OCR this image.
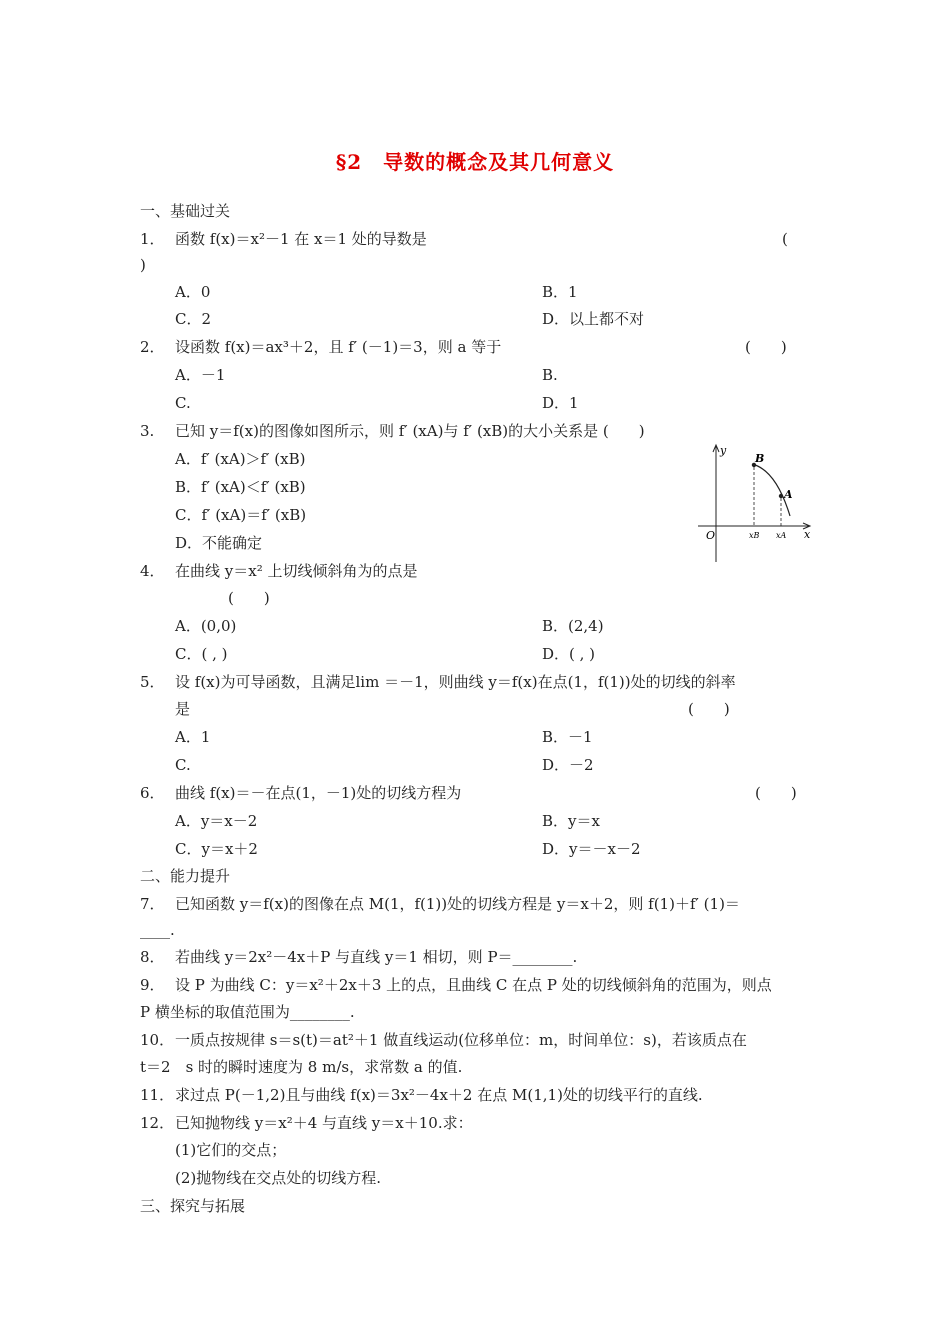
§2　导数的概念及其几何意义
一、基础过关
1． 函数 f(x)＝x²－1 在 x＝1 处的导数是	(
)
A．0	B．1
C．2	D．以上都不对
2． 设函数 f(x)＝ax³＋2，且 f′ (－1)＝3，则 a 等于	(　　)
A．－1	B.
C.	D．1
3. 已知 y＝f(x)的图像如图所示，则 f′ (xA)与 f′ (xB)的大小关系是 (　　)
A．f′ (xA)＞f′ (xB)
B．f′ (xA)＜f′ (xB)
C．f′ (xA)＝f′ (xB)
D．不能确定
y
x
O
B
A
xB xA
4． 在曲线 y＝x² 上切线倾斜角为的点是
(　　)
A．(0,0)	B．(2,4)
C．( , )	D．( , )
5． 设 f(x)为可导函数，且满足lim ＝－1，则曲线 y＝f(x)在点(1，f(1))处的切线的斜率
是	(　　)
A．1	B．－1
C.	D．－2
6． 曲线 f(x)＝－在点(1，－1)处的切线方程为	(　　)
A．y＝x－2	B．y＝x
C．y＝x＋2	D．y＝－x－2
二、能力提升
7． 已知函数 y＝f(x)的图像在点 M(1，f(1))处的切线方程是 y＝x＋2，则 f(1)＋f′ (1)＝
____.
8． 若曲线 y＝2x²－4x＋P 与直线 y＝1 相切，则 P＝________.
9． 设 P 为曲线 C：y＝x²＋2x＋3 上的点，且曲线 C 在点 P 处的切线倾斜角的范围为，则点
P 横坐标的取值范围为________.
10． 一质点按规律 s＝s(t)＝at²＋1 做直线运动(位移单位：m，时间单位：s)，若该质点在
t＝2　s 时的瞬时速度为 8 m/s，求常数 a 的值.
11． 求过点 P(－1,2)且与曲线 f(x)＝3x²－4x＋2 在点 M(1,1)处的切线平行的直线.
12． 已知抛物线 y＝x²＋4 与直线 y＝x＋10.求：
(1)它们的交点；
(2)抛物线在交点处的切线方程.
三、探究与拓展
